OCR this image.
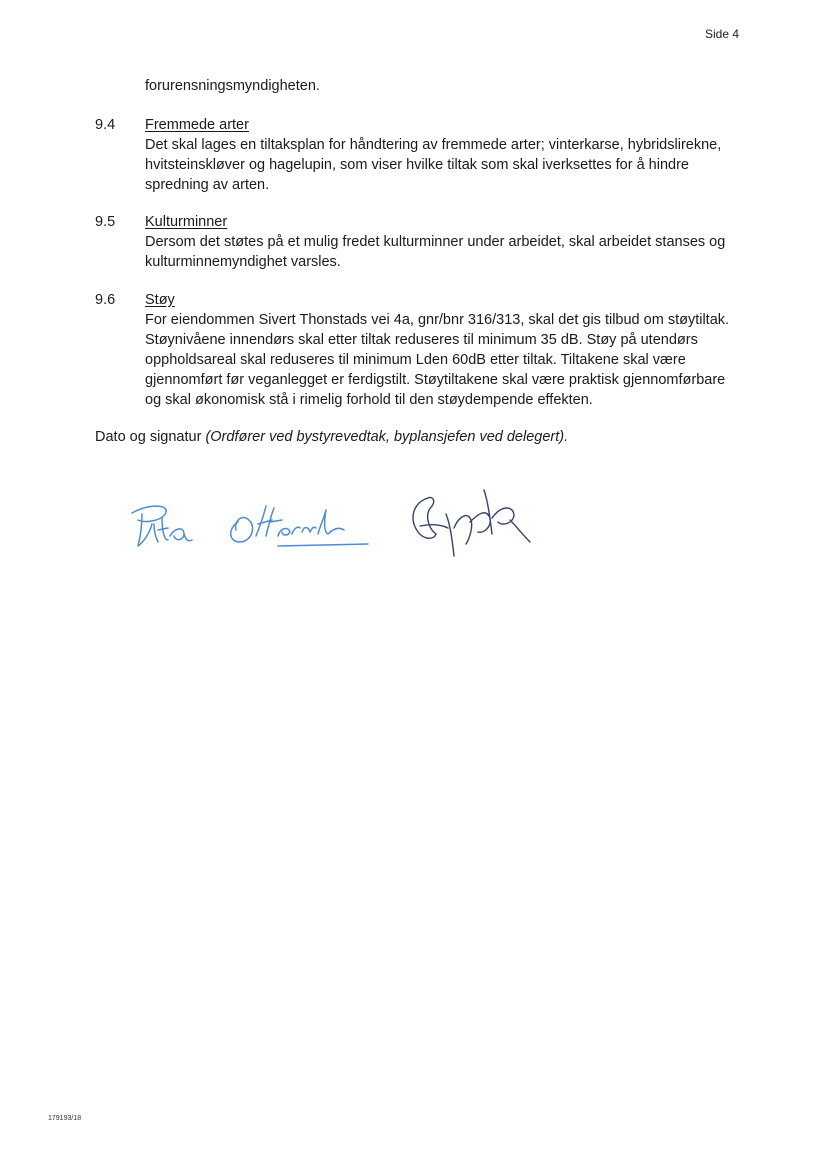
Side 4
forurensningsmyndigheten.
9.4 Fremmede arter

Det skal lages en tiltaksplan for håndtering av fremmede arter; vinterkarse, hybridslirekne, hvitsteinskløver og hagelupin, som viser hvilke tiltak som skal iverksettes for å hindre spredning av arten.

9.5 Kulturminner

Dersom det støtes på et mulig fredet kulturminner under arbeidet, skal arbeidet stanses og kulturminnemyndighet varsles.

9.6 Støy

For eiendommen Sivert Thonstads vei 4a, gnr/bnr 316/313, skal det gis tilbud om støytiltak. Støynivåene innendørs skal etter tiltak reduseres til minimum 35 dB. Støy på utendørs oppholdsareal skal reduseres til minimum Lden 60dB etter tiltak. Tiltakene skal være gjennomført før veganlegget er ferdigstilt. Støytiltakene skal være praktisk gjennomførbare og skal økonomisk stå i rimelig forhold til den støydempende effekten.

Dato og signatur (Ordfører ved bystyrevedtak, byplansjefen ved delegert).
179193/18
